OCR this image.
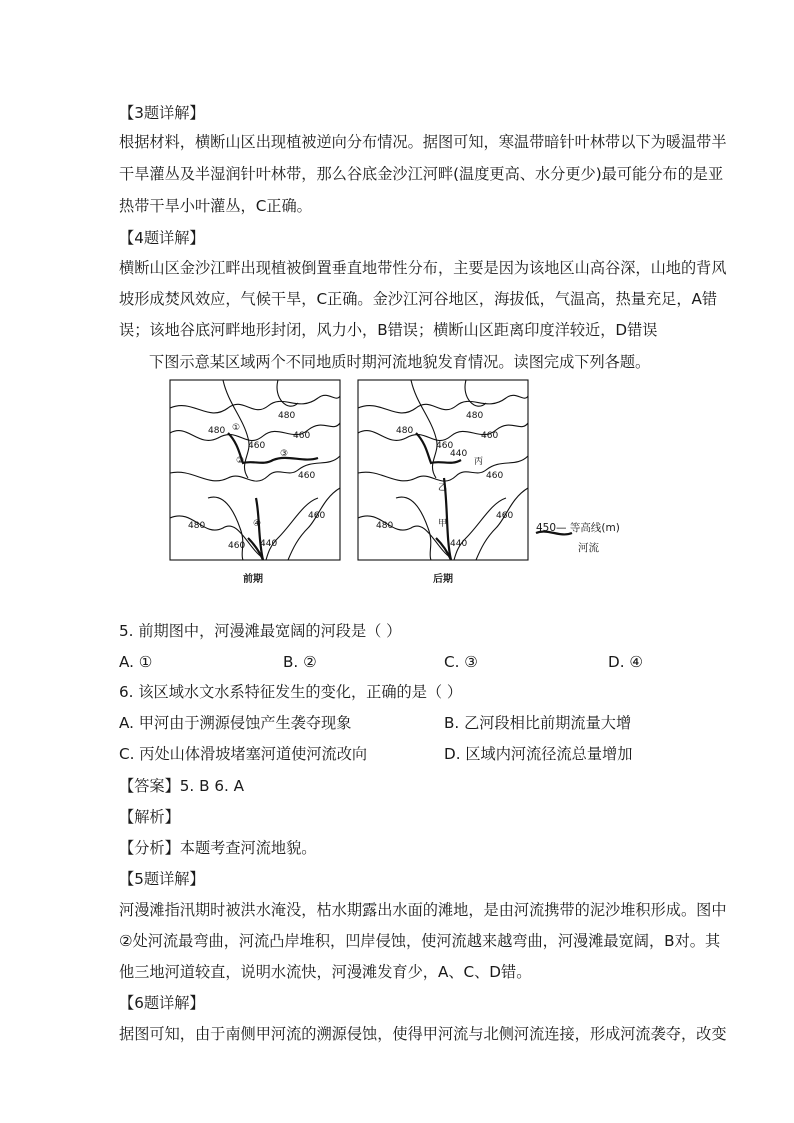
【3题详解】
根据材料，横断山区出现植被逆向分布情况。据图可知，寒温带暗针叶林带以下为暖温带半
干旱灌丛及半湿润针叶林带，那么谷底金沙江河畔(温度更高、水分更少)最可能分布的是亚
热带干旱小叶灌丛，C正确。
【4题详解】
横断山区金沙江畔出现植被倒置垂直地带性分布，主要是因为该地区山高谷深，山地的背风
坡形成焚风效应，气候干旱，C正确。金沙江河谷地区，海拔低，气温高，热量充足，A错
误；该地谷底河畔地形封闭，风力小，B错误；横断山区距离印度洋较近，D错误
下图示意某区域两个不同地质时期河流地貌发育情况。读图完成下列各题。
480
460
480
460
480
460
460
440
460
①
②
③
④
480
460
480
440
460
480
460
460
440
丙
乙
甲
前期	后期
450— 等高线(m)
河流
5. 前期图中，河漫滩最宽阔的河段是（ ）
A. ①	B. ②	C. ③	D. ④
6. 该区域水文水系特征发生的变化，正确的是（ ）
A. 甲河由于溯源侵蚀产生袭夺现象	B. 乙河段相比前期流量大增
C. 丙处山体滑坡堵塞河道使河流改向	D. 区域内河流径流总量增加
【答案】5. B 6. A
【解析】
【分析】本题考查河流地貌。
【5题详解】
河漫滩指汛期时被洪水淹没，枯水期露出水面的滩地，是由河流携带的泥沙堆积形成。图中
②处河流最弯曲，河流凸岸堆积，凹岸侵蚀，使河流越来越弯曲，河漫滩最宽阔，B对。其
他三地河道较直，说明水流快，河漫滩发育少，A、C、D错。
【6题详解】
据图可知，由于南侧甲河流的溯源侵蚀，使得甲河流与北侧河流连接，形成河流袭夺，改变
